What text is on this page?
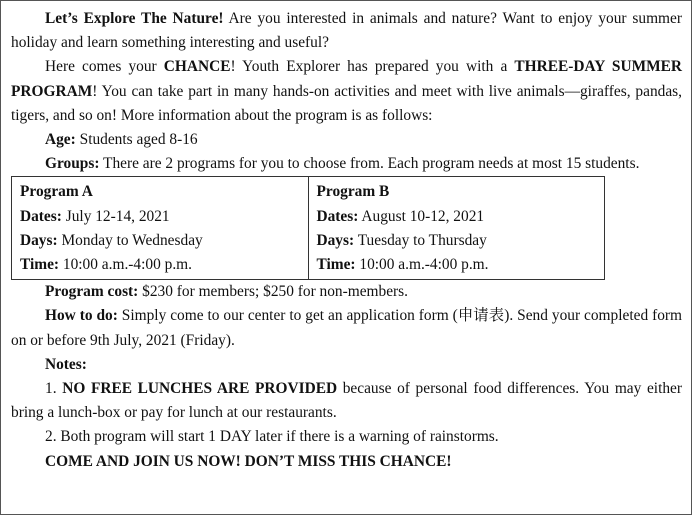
Let’s Explore The Nature! Are you interested in animals and nature? Want to enjoy your summer holiday and learn something interesting and useful?

Here comes your CHANCE! Youth Explorer has prepared you with a THREE-DAY SUMMER PROGRAM! You can take part in many hands-on activities and meet with live animals—giraffes, pandas, tigers, and so on! More information about the program is as follows:

Age: Students aged 8-16

Groups: There are 2 programs for you to choose from. Each program needs at most 15 students.

Program A
Dates: July 12-14, 2021
Days: Monday to Wednesday
Time: 10:00 a.m.-4:00 p.m.

Program B
Dates: August 10-12, 2021
Days: Tuesday to Thursday
Time: 10:00 a.m.-4:00 p.m.

Program cost: $230 for members; $250 for non-members.

How to do: Simply come to our center to get an application form (申请表). Send your completed form on or before 9th July, 2021 (Friday).

Notes:

1. NO FREE LUNCHES ARE PROVIDED because of personal food differences. You may either bring a lunch-box or pay for lunch at our restaurants.

2. Both program will start 1 DAY later if there is a warning of rainstorms.

COME AND JOIN US NOW! DON’T MISS THIS CHANCE!
